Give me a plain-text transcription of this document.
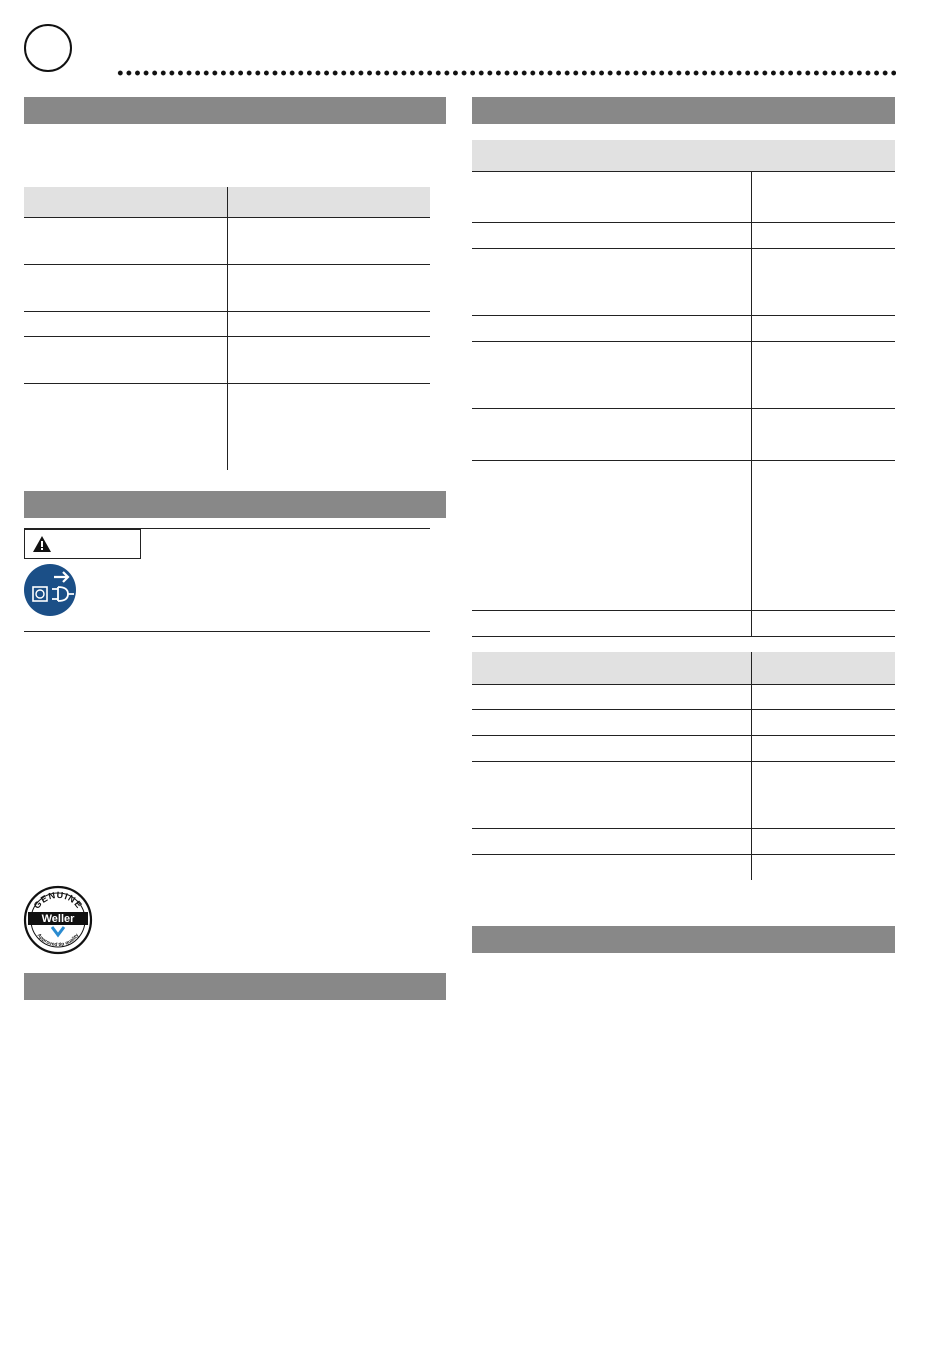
GENUINE
Weller
Approved tip quality
